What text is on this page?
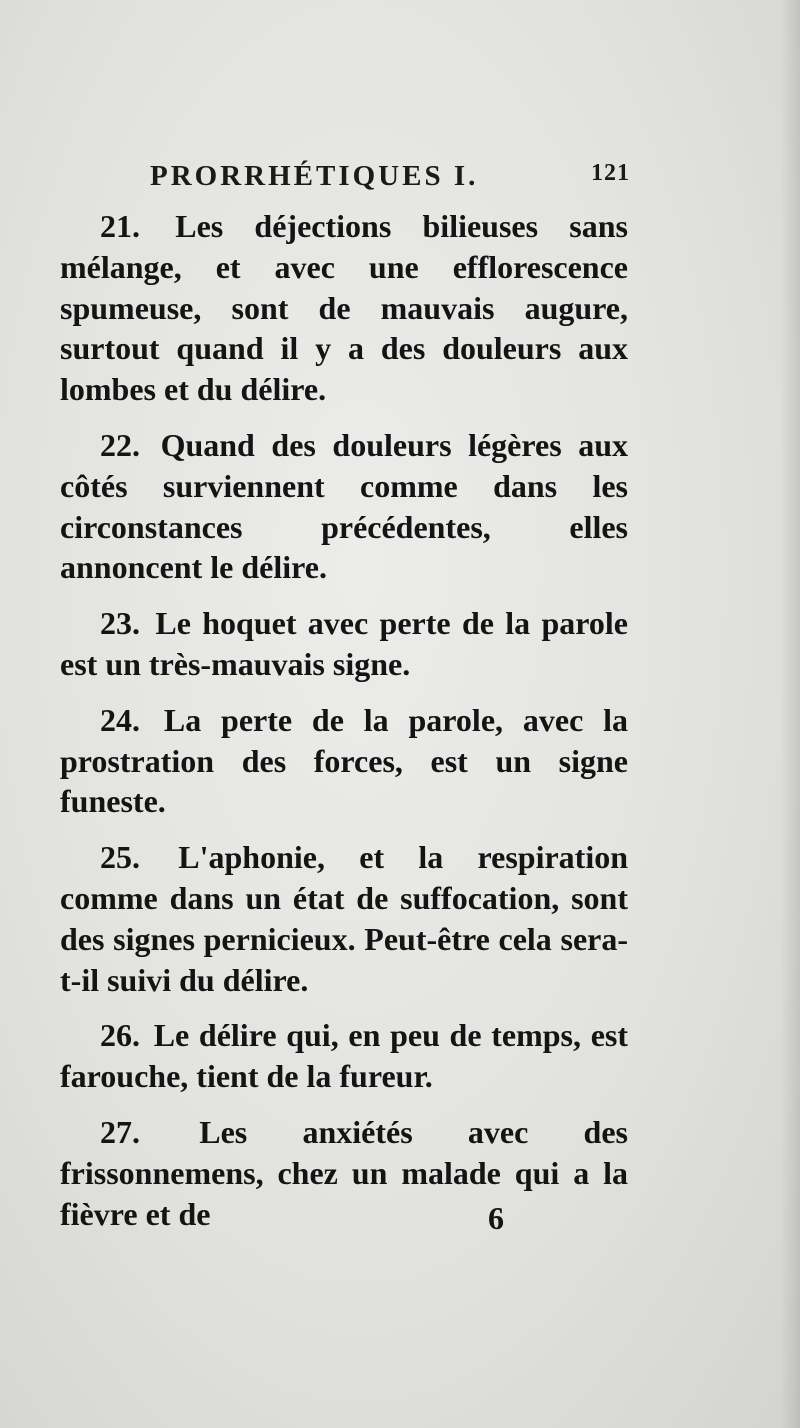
PRORRHÉTIQUES I.	121

21. Les déjections bilieuses sans mélange, et avec une efflorescence spumeuse, sont de mauvais augure, surtout quand il y a des douleurs aux lombes et du délire.

22. Quand des douleurs légères aux côtés surviennent comme dans les circonstances précédentes, elles annoncent le délire.

23. Le hoquet avec perte de la parole est un très-mauvais signe.

24. La perte de la parole, avec la prostration des forces, est un signe funeste.

25. L'aphonie, et la respiration comme dans un état de suffocation, sont des signes pernicieux. Peut-être cela sera-t-il suivi du délire.

26. Le délire qui, en peu de temps, est farouche, tient de la fureur.

27. Les anxiétés avec des frissonnemens, chez un malade qui a la fièvre et de	6
